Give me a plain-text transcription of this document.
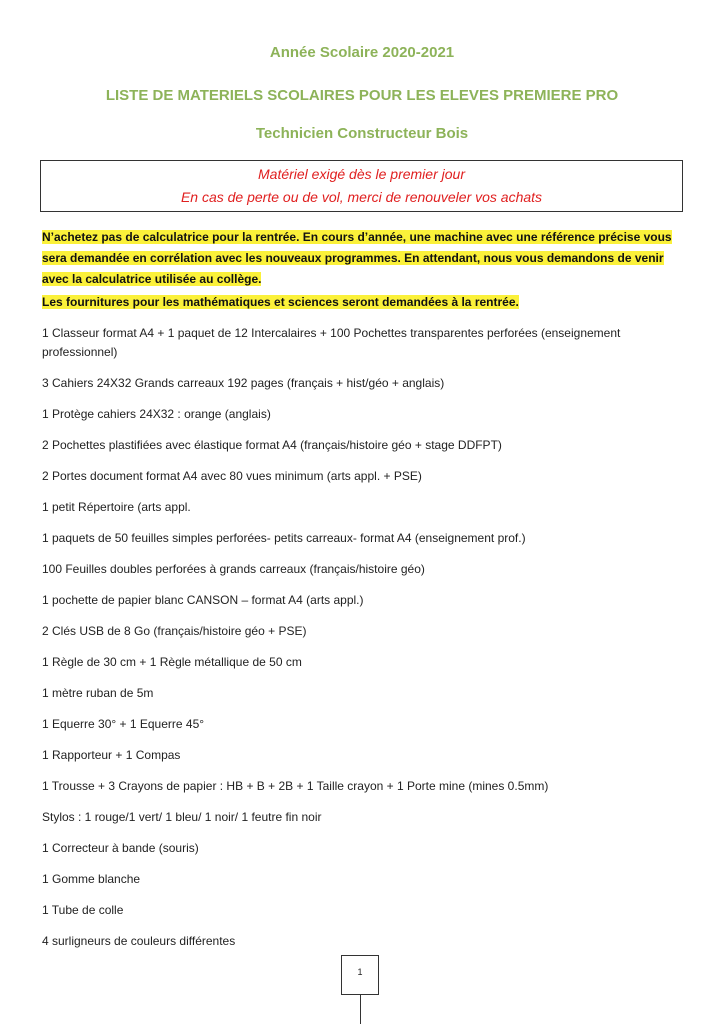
Année Scolaire 2020-2021
LISTE DE MATERIELS SCOLAIRES POUR LES ELEVES PREMIERE PRO
Technicien Constructeur Bois
Matériel exigé dès le premier jour
En cas de perte ou de vol, merci de renouveler vos achats
N’achetez pas de calculatrice pour la rentrée. En cours d’année, une machine avec une référence précise vous sera demandée en corrélation avec les nouveaux programmes. En attendant, nous vous demandons de venir avec la calculatrice utilisée au collège.
Les fournitures pour les mathématiques et sciences seront demandées à la rentrée.

1 Classeur format A4 + 1 paquet de 12 Intercalaires + 100 Pochettes transparentes perforées (enseignement professionnel)

3 Cahiers 24X32 Grands carreaux 192 pages (français + hist/géo + anglais)

1 Protège cahiers 24X32 : orange (anglais)

2 Pochettes plastifiées avec élastique format A4 (français/histoire géo + stage DDFPT)

2 Portes document format A4 avec 80 vues minimum (arts appl. + PSE)

1 petit Répertoire (arts appl.

1 paquets de 50 feuilles simples perforées- petits carreaux- format A4 (enseignement prof.)

100 Feuilles doubles perforées à grands carreaux (français/histoire géo)

1 pochette de papier blanc CANSON – format A4 (arts appl.)

2 Clés USB de 8 Go (français/histoire géo + PSE)

1 Règle de 30 cm + 1 Règle métallique de 50 cm

1 mètre ruban de 5m

1 Equerre 30° + 1 Equerre 45°

1 Rapporteur + 1 Compas

1 Trousse + 3 Crayons de papier : HB + B + 2B + 1 Taille crayon + 1 Porte mine (mines 0.5mm)

Stylos : 1 rouge/1 vert/ 1 bleu/ 1 noir/ 1 feutre fin noir

1 Correcteur à bande (souris)

1 Gomme blanche

1 Tube de colle

4 surligneurs de couleurs différentes

1
